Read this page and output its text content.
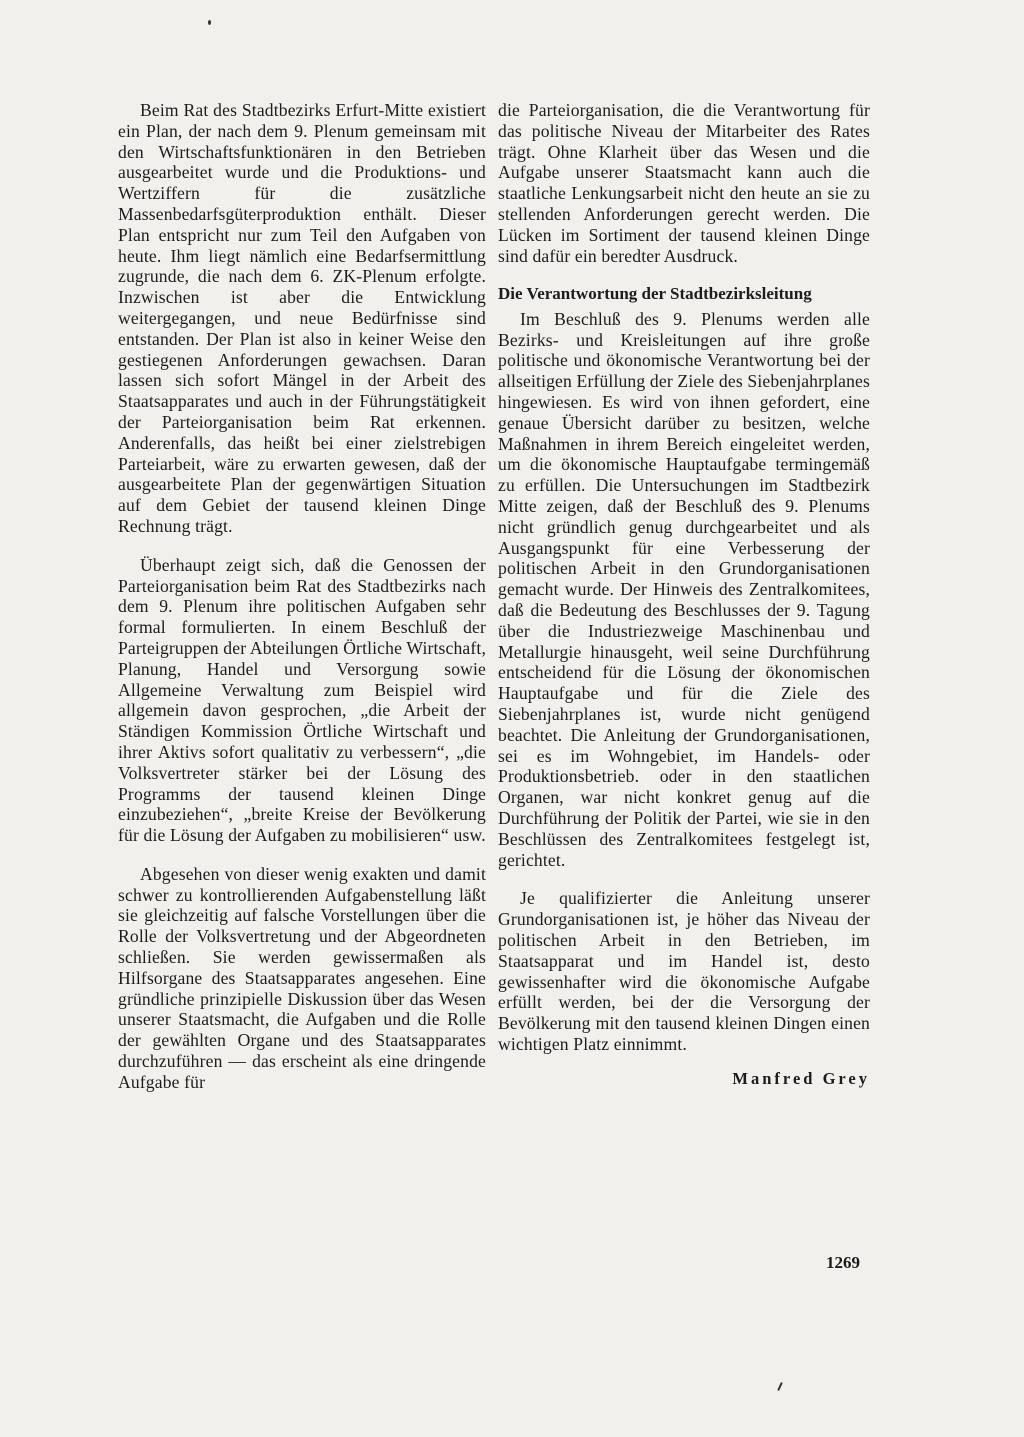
Beim Rat des Stadtbezirks Erfurt-Mitte existiert ein Plan, der nach dem 9. Plenum gemeinsam mit den Wirtschaftsfunktionären in den Betrieben ausgearbeitet wurde und die Produktions- und Wertziffern für die zusätzliche Massenbedarfsgüterproduktion enthält. Dieser Plan entspricht nur zum Teil den Aufgaben von heute. Ihm liegt nämlich eine Bedarfsermittlung zugrunde, die nach dem 6. ZK-Plenum erfolgte. Inzwischen ist aber die Entwicklung weitergegangen, und neue Bedürfnisse sind entstanden. Der Plan ist also in keiner Weise den gestiegenen Anforderungen gewachsen. Daran lassen sich sofort Mängel in der Arbeit des Staatsapparates und auch in der Führungstätigkeit der Parteiorganisation beim Rat erkennen. Anderenfalls, das heißt bei einer zielstrebigen Parteiarbeit, wäre zu erwarten gewesen, daß der ausgearbeitete Plan der gegenwärtigen Situation auf dem Gebiet der tausend kleinen Dinge Rechnung trägt.

Überhaupt zeigt sich, daß die Genossen der Parteiorganisation beim Rat des Stadtbezirks nach dem 9. Plenum ihre politischen Aufgaben sehr formal formulierten. In einem Beschluß der Parteigruppen der Abteilungen Örtliche Wirtschaft, Planung, Handel und Versorgung sowie Allgemeine Verwaltung zum Beispiel wird allgemein davon gesprochen, „die Arbeit der Ständigen Kommission Örtliche Wirtschaft und ihrer Aktivs sofort qualitativ zu verbessern“, „die Volksvertreter stärker bei der Lösung des Programms der tausend kleinen Dinge einzubeziehen“, „breite Kreise der Bevölkerung für die Lösung der Aufgaben zu mobilisieren“ usw.

Abgesehen von dieser wenig exakten und damit schwer zu kontrollierenden Aufgabenstellung läßt sie gleichzeitig auf falsche Vorstellungen über die Rolle der Volksvertretung und der Abgeordneten schließen. Sie werden gewissermaßen als Hilfsorgane des Staatsapparates angesehen. Eine gründliche prinzipielle Diskussion über das Wesen unserer Staatsmacht, die Aufgaben und die Rolle der gewählten Organe und des Staatsapparates durchzuführen — das erscheint als eine dringende Aufgabe für

die Parteiorganisation, die die Verantwortung für das politische Niveau der Mitarbeiter des Rates trägt. Ohne Klarheit über das Wesen und die Aufgabe unserer Staatsmacht kann auch die staatliche Lenkungsarbeit nicht den heute an sie zu stellenden Anforderungen gerecht werden. Die Lücken im Sortiment der tausend kleinen Dinge sind dafür ein beredter Ausdruck.

Die Verantwortung der Stadtbezirksleitung

Im Beschluß des 9. Plenums werden alle Bezirks- und Kreisleitungen auf ihre große politische und ökonomische Verantwortung bei der allseitigen Erfüllung der Ziele des Siebenjahrplanes hingewiesen. Es wird von ihnen gefordert, eine genaue Übersicht darüber zu besitzen, welche Maßnahmen in ihrem Bereich eingeleitet werden, um die ökonomische Hauptaufgabe termingemäß zu erfüllen. Die Untersuchungen im Stadtbezirk Mitte zeigen, daß der Beschluß des 9. Plenums nicht gründlich genug durchgearbeitet und als Ausgangspunkt für eine Verbesserung der politischen Arbeit in den Grundorganisationen gemacht wurde. Der Hinweis des Zentralkomitees, daß die Bedeutung des Beschlusses der 9. Tagung über die Industriezweige Maschinenbau und Metallurgie hinausgeht, weil seine Durchführung entscheidend für die Lösung der ökonomischen Hauptaufgabe und für die Ziele des Siebenjahrplanes ist, wurde nicht genügend beachtet. Die Anleitung der Grundorganisationen, sei es im Wohngebiet, im Handels- oder Produktionsbetrieb. oder in den staatlichen Organen, war nicht konkret genug auf die Durchführung der Politik der Partei, wie sie in den Beschlüssen des Zentralkomitees festgelegt ist, gerichtet.

Je qualifizierter die Anleitung unserer Grundorganisationen ist, je höher das Niveau der politischen Arbeit in den Betrieben, im Staatsapparat und im Handel ist, desto gewissenhafter wird die ökonomische Aufgabe erfüllt werden, bei der die Versorgung der Bevölkerung mit den tausend kleinen Dingen einen wichtigen Platz einnimmt.

Manfred Grey
1269
